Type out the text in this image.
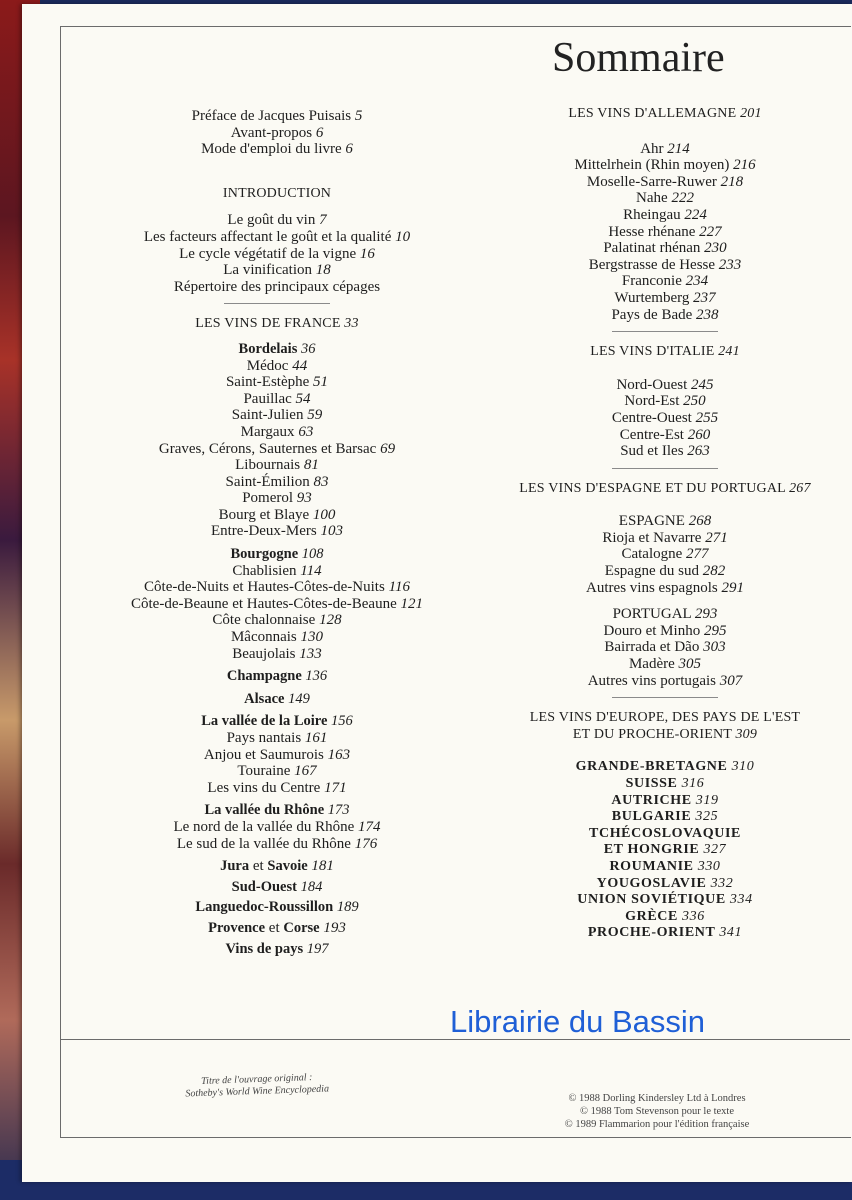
Sommaire
Préface de Jacques Puisais 5
Avant-propos 6
Mode d'emploi du livre 6
INTRODUCTION
Le goût du vin 7
Les facteurs affectant le goût et la qualité 10
Le cycle végétatif de la vigne 16
La vinification 18
Répertoire des principaux cépages
LES VINS DE FRANCE 33
Bordelais 36
Médoc 44
Saint-Estèphe 51
Pauillac 54
Saint-Julien 59
Margaux 63
Graves, Cérons, Sauternes et Barsac 69
Libournais 81
Saint-Émilion 83
Pomerol 93
Bourg et Blaye 100
Entre-Deux-Mers 103
Bourgogne 108
Chablisien 114
Côte-de-Nuits et Hautes-Côtes-de-Nuits 116
Côte-de-Beaune et Hautes-Côtes-de-Beaune 121
Côte chalonnaise 128
Mâconnais 130
Beaujolais 133
Champagne 136
Alsace 149
La vallée de la Loire 156
Pays nantais 161
Anjou et Saumurois 163
Touraine 167
Les vins du Centre 171
La vallée du Rhône 173
Le nord de la vallée du Rhône 174
Le sud de la vallée du Rhône 176
Jura et Savoie 181
Sud-Ouest 184
Languedoc-Roussillon 189
Provence et Corse 193
Vins de pays 197
LES VINS D'ALLEMAGNE 201
Ahr 214
Mittelrhein (Rhin moyen) 216
Moselle-Sarre-Ruwer 218
Nahe 222
Rheingau 224
Hesse rhénane 227
Palatinat rhénan 230
Bergstrasse de Hesse 233
Franconie 234
Wurtemberg 237
Pays de Bade 238
LES VINS D'ITALIE 241
Nord-Ouest 245
Nord-Est 250
Centre-Ouest 255
Centre-Est 260
Sud et Iles 263
LES VINS D'ESPAGNE ET DU PORTUGAL 267
ESPAGNE 268
Rioja et Navarre 271
Catalogne 277
Espagne du sud 282
Autres vins espagnols 291
PORTUGAL 293
Douro et Minho 295
Bairrada et Dão 303
Madère 305
Autres vins portugais 307
LES VINS D'EUROPE, DES PAYS DE L'EST
ET DU PROCHE-ORIENT 309
GRANDE-BRETAGNE 310
SUISSE 316
AUTRICHE 319
BULGARIE 325
TCHÉCOSLOVAQUIE
ET HONGRIE 327
ROUMANIE 330
YOUGOSLAVIE 332
UNION SOVIÉTIQUE 334
GRÈCE 336
PROCHE-ORIENT 341
Librairie du Bassin
Titre de l'ouvrage original :
Sotheby's World Wine Encyclopedia	© 1988 Dorling Kindersley Ltd à Londres
© 1988 Tom Stevenson pour le texte
© 1989 Flammarion pour l'édition française
